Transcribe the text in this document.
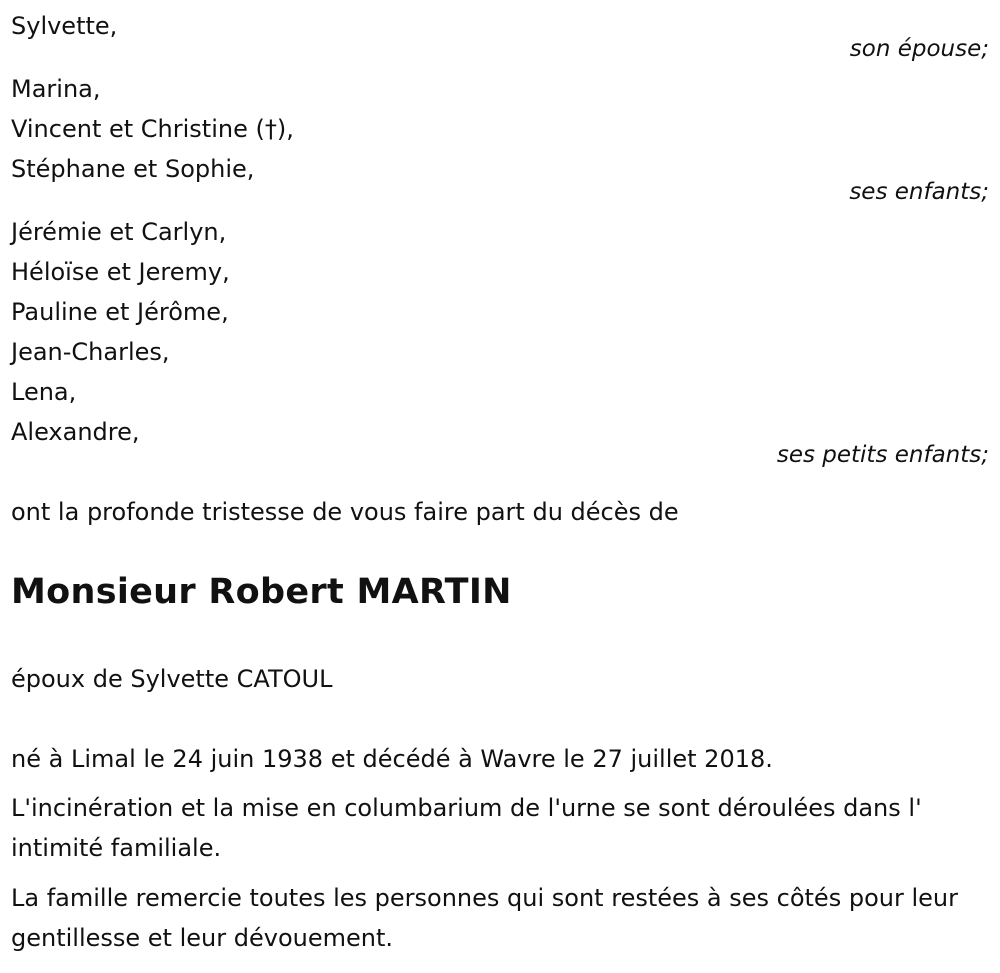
Sylvette,
son épouse;
Marina,
Vincent et Christine (†),
Stéphane et Sophie,
ses enfants;
Jérémie et Carlyn,
Héloïse et Jeremy,
Pauline et Jérôme,
Jean-Charles,
Lena,
Alexandre,
ses petits enfants;
ont la profonde tristesse de vous faire part du décès de
Monsieur Robert MARTIN
époux de Sylvette CATOUL
né à Limal le 24 juin 1938 et décédé à Wavre le 27 juillet 2018.
L'incinération et la mise en columbarium de l'urne se sont déroulées dans l' intimité familiale.
La famille remercie toutes les personnes qui sont restées à ses côtés pour leur gentillesse et leur dévouement.
